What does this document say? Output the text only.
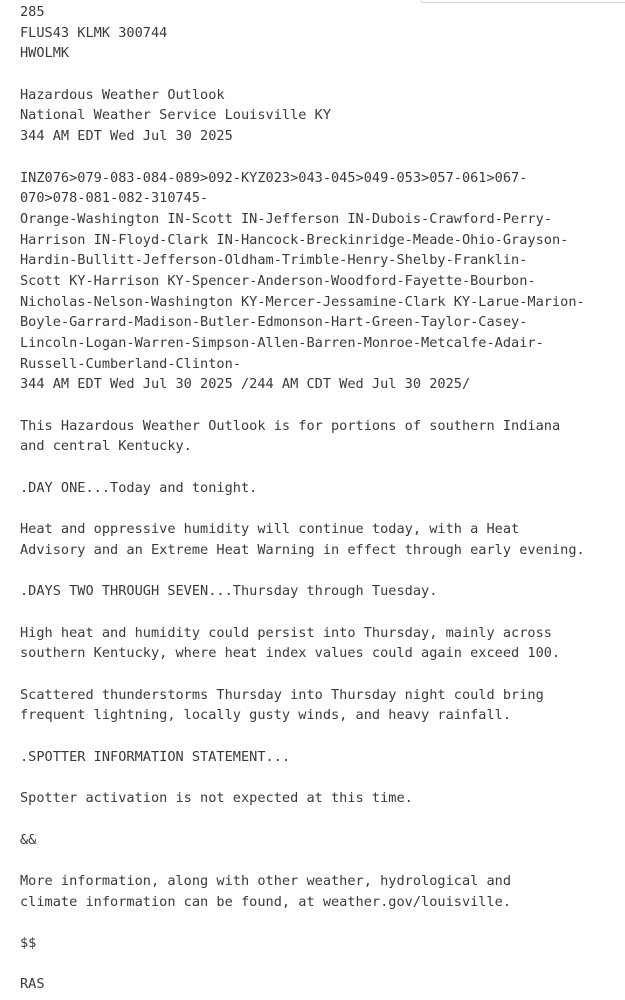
285
FLUS43 KLMK 300744
HWOLMK
Hazardous Weather Outlook
National Weather Service Louisville KY
344 AM EDT Wed Jul 30 2025
INZ076>079-083-084-089>092-KYZ023>043-045>049-053>057-061>067-
070>078-081-082-310745-
Orange-Washington IN-Scott IN-Jefferson IN-Dubois-Crawford-Perry-
Harrison IN-Floyd-Clark IN-Hancock-Breckinridge-Meade-Ohio-Grayson-
Hardin-Bullitt-Jefferson-Oldham-Trimble-Henry-Shelby-Franklin-
Scott KY-Harrison KY-Spencer-Anderson-Woodford-Fayette-Bourbon-
Nicholas-Nelson-Washington KY-Mercer-Jessamine-Clark KY-Larue-Marion-
Boyle-Garrard-Madison-Butler-Edmonson-Hart-Green-Taylor-Casey-
Lincoln-Logan-Warren-Simpson-Allen-Barren-Monroe-Metcalfe-Adair-
Russell-Cumberland-Clinton-
344 AM EDT Wed Jul 30 2025 /244 AM CDT Wed Jul 30 2025/
This Hazardous Weather Outlook is for portions of southern Indiana
and central Kentucky.
.DAY ONE...Today and tonight.
Heat and oppressive humidity will continue today, with a Heat
Advisory and an Extreme Heat Warning in effect through early evening.
.DAYS TWO THROUGH SEVEN...Thursday through Tuesday.
High heat and humidity could persist into Thursday, mainly across
southern Kentucky, where heat index values could again exceed 100.
Scattered thunderstorms Thursday into Thursday night could bring
frequent lightning, locally gusty winds, and heavy rainfall.
.SPOTTER INFORMATION STATEMENT...
Spotter activation is not expected at this time.
&&
More information, along with other weather, hydrological and
climate information can be found, at weather.gov/louisville.
$$
RAS
